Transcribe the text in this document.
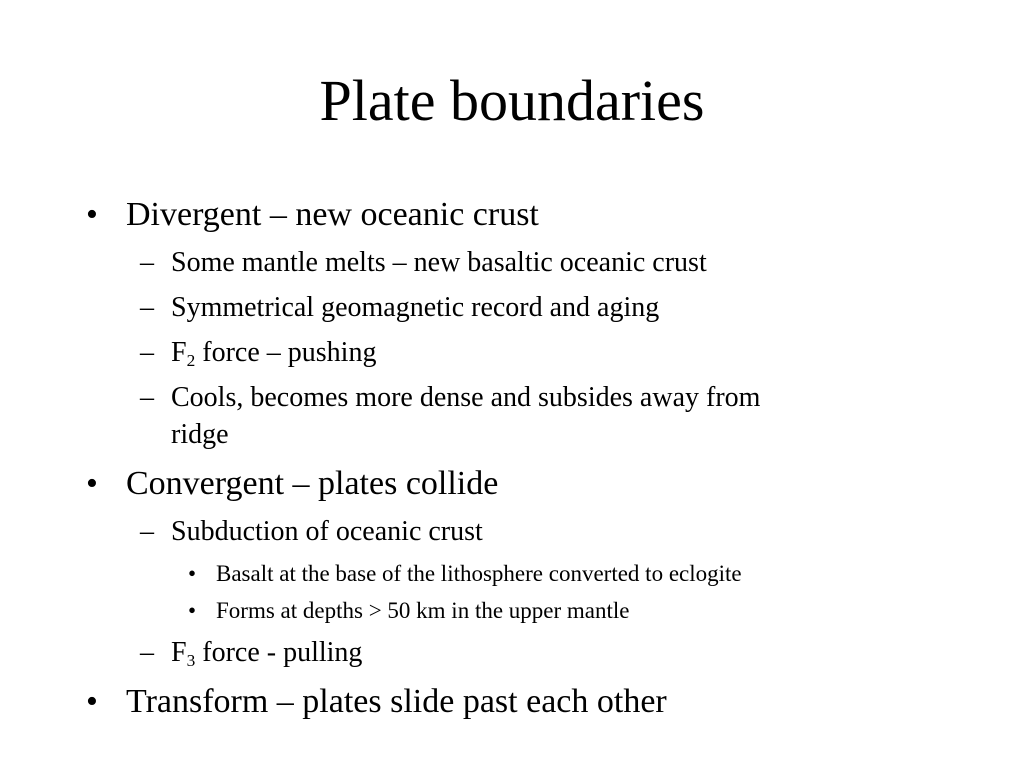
Plate boundaries
• Divergent – new oceanic crust
– Some mantle melts – new basaltic oceanic crust
– Symmetrical geomagnetic record and aging
– $F_2$ force – pushing
– Cools, becomes more dense and subsides away from
ridge
• Convergent – plates collide
– Subduction of oceanic crust
• Basalt at the base of the lithosphere converted to eclogite
• Forms at depths > 50 km in the upper mantle
– $F_3$ force - pulling
• Transform – plates slide past each other
